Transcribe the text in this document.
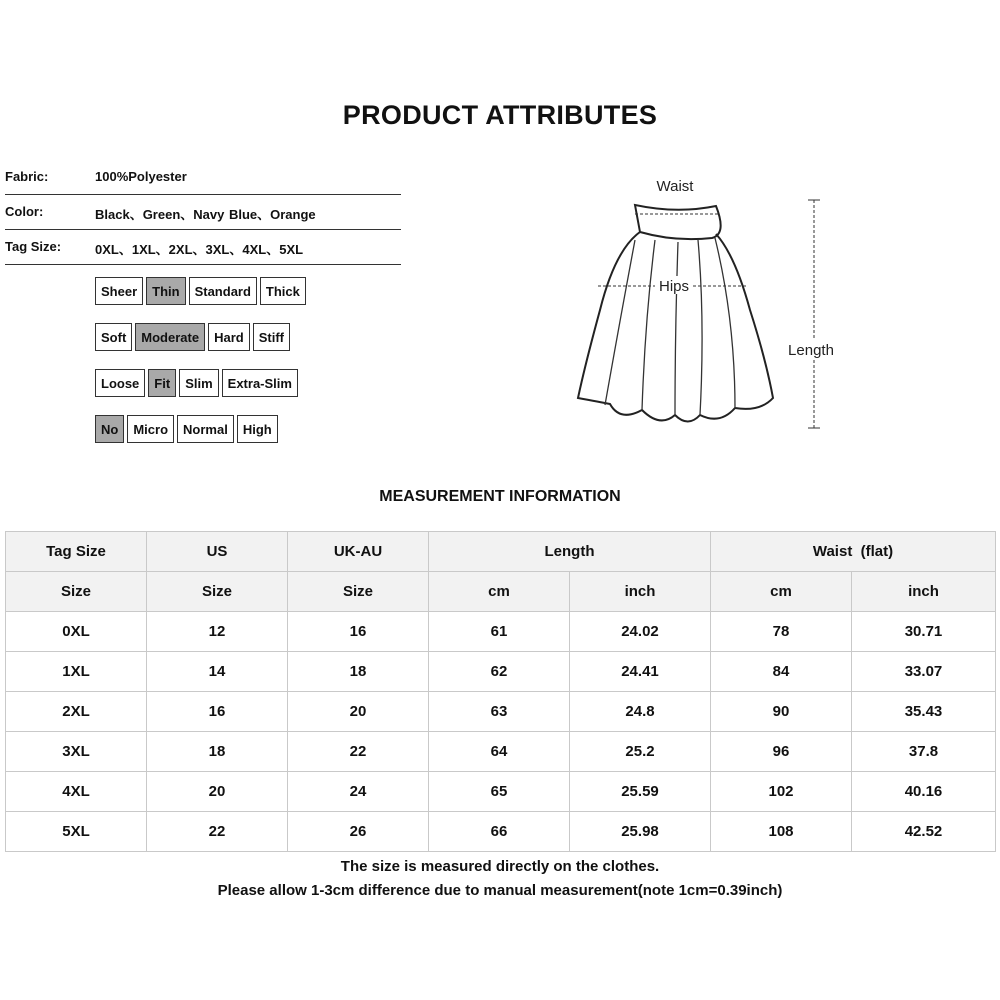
PRODUCT ATTRIBUTES
Fabric:	100%Polyester
Color:	Black、Green、Navy Blue、Orange
Tag Size:	0XL、1XL、2XL、3XL、4XL、5XL
Sheer	Thin	Standard	Thick
Soft	Moderate	Hard	Stiff
Loose	Fit	Slim	Extra-Slim
No	Micro	Normal	High
Waist
Hips
Length
MEASUREMENT INFORMATION
Tag Size	US	UK-AU	Length		Waist  (flat)	
Size	Size	Size	cm	inch	cm	inch
0XL	12	16	61	24.02	78	30.71
1XL	14	18	62	24.41	84	33.07
2XL	16	20	63	24.8	90	35.43
3XL	18	22	64	25.2	96	37.8
4XL	20	24	65	25.59	102	40.16
5XL	22	26	66	25.98	108	42.52
The size is measured directly on the clothes.
Please allow 1-3cm difference due to manual measurement(note 1cm=0.39inch)
